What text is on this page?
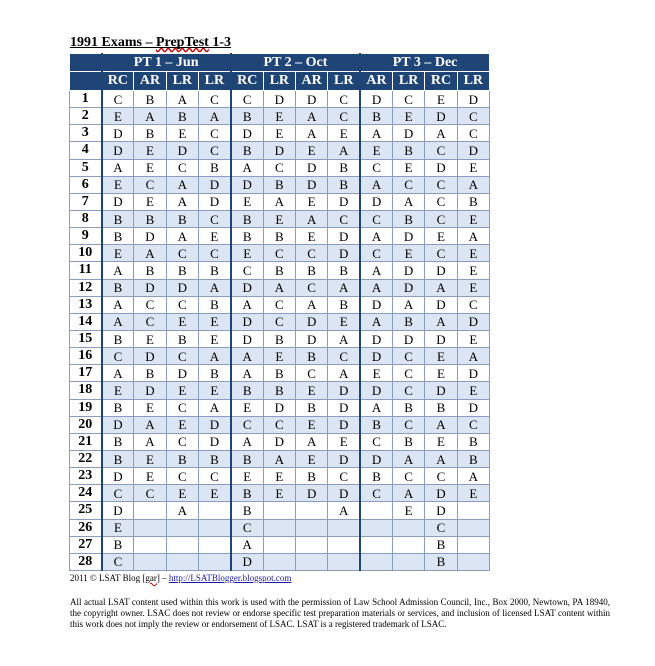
1991 Exams – PrepTest 1-3
	PT 1 – Jun				PT 2 – Oct				PT 3 – Dec			
	RC	AR	LR	LR	RC	LR	AR	LR	AR	LR	RC	LR
1	C	B	A	C	C	D	D	C	D	C	E	D
2	E	A	B	A	B	E	A	C	B	E	D	C
3	D	B	E	C	D	E	A	E	A	D	A	C
4	D	E	D	C	B	D	E	A	E	B	C	D
5	A	E	C	B	A	C	D	B	C	E	D	E
6	E	C	A	D	D	B	D	B	A	C	C	A
7	D	E	A	D	E	A	E	D	D	A	C	B
8	B	B	B	C	B	E	A	C	C	B	C	E
9	B	D	A	E	B	B	E	D	A	D	E	A
10	E	A	C	C	E	C	C	D	C	E	C	E
11	A	B	B	B	C	B	B	B	A	D	D	E
12	B	D	D	A	D	A	C	A	A	D	A	E
13	A	C	C	B	A	C	A	B	D	A	D	C
14	A	C	E	E	D	C	D	E	A	B	A	D
15	B	E	B	E	D	B	D	A	D	D	D	E
16	C	D	C	A	A	E	B	C	D	C	E	A
17	A	B	D	B	A	B	C	A	E	C	E	D
18	E	D	E	E	B	B	E	D	D	C	D	E
19	B	E	C	A	E	D	B	D	A	B	B	D
20	D	A	E	D	C	C	E	D	B	C	A	C
21	B	A	C	D	A	D	A	E	C	B	E	B
22	B	E	B	B	B	A	E	D	D	A	A	B
23	D	E	C	C	E	E	B	C	B	C	C	A
24	C	C	E	E	B	E	D	D	C	A	D	E
25	D		A		B			A		E	D	
26	E				C						C	
27	B				A						B	
28	C				D						B	
2011 © LSAT Blog [gar] – http://LSATBlogger.blogspot.com
All actual LSAT content used within this work is used with the permission of Law School Admission Council, Inc., Box 2000, Newtown, PA 18940, the copyright owner. LSAC does not review or endorse specific test preparation materials or services, and inclusion of licensed LSAT content within this work does not imply the review or endorsement of LSAC. LSAT is a registered trademark of LSAC.
